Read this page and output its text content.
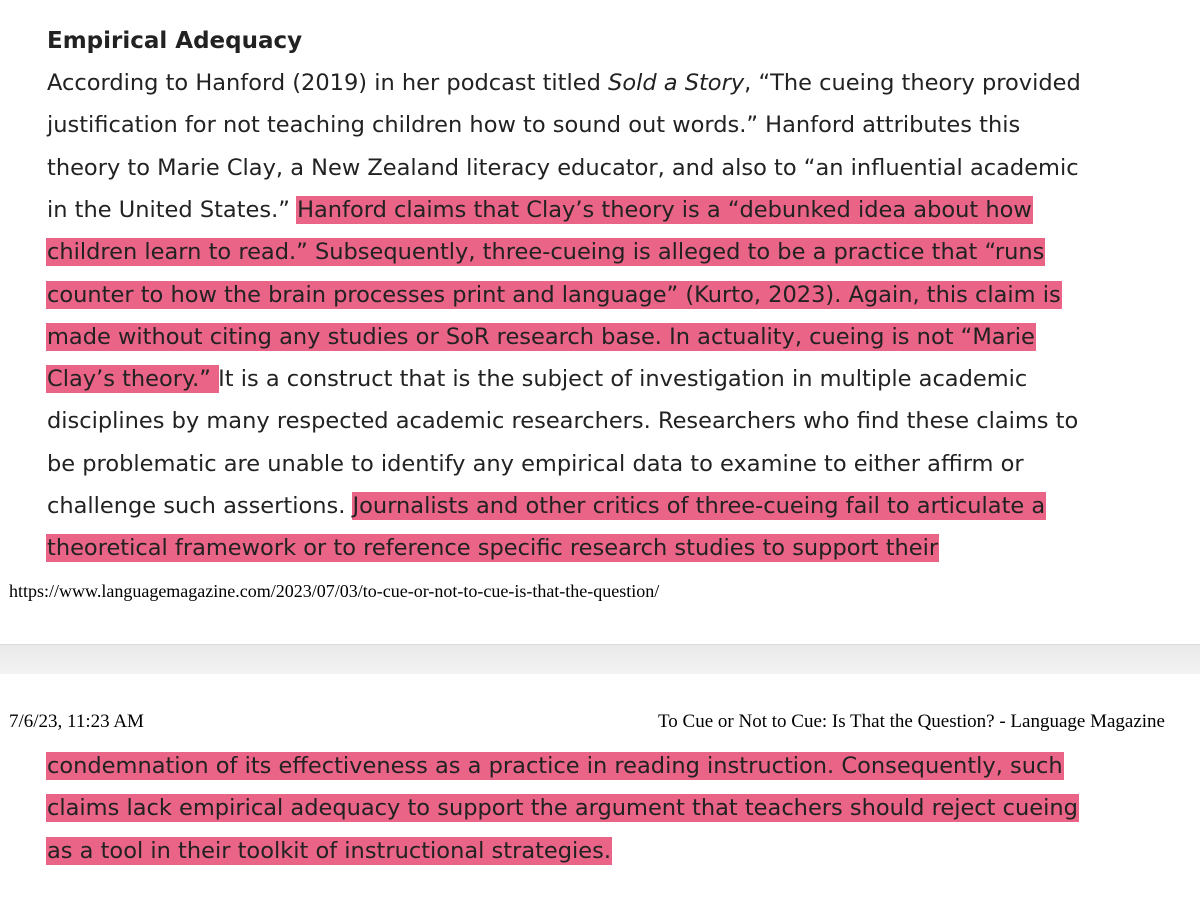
Empirical Adequacy
According to Hanford (2019) in her podcast titled Sold a Story, “The cueing theory provided
justification for not teaching children how to sound out words.” Hanford attributes this
theory to Marie Clay, a New Zealand literacy educator, and also to “an influential academic
in the United States.” Hanford claims that Clay’s theory is a “debunked idea about how
children learn to read.” Subsequently, three-cueing is alleged to be a practice that “runs
counter to how the brain processes print and language” (Kurto, 2023). Again, this claim is
made without citing any studies or SoR research base. In actuality, cueing is not “Marie
Clay’s theory.” It is a construct that is the subject of investigation in multiple academic
disciplines by many respected academic researchers. Researchers who find these claims to
be problematic are unable to identify any empirical data to examine to either affirm or
challenge such assertions. Journalists and other critics of three-cueing fail to articulate a
theoretical framework or to reference specific research studies to support their
https://www.languagemagazine.com/2023/07/03/to-cue-or-not-to-cue-is-that-the-question/
7/6/23, 11:23 AM	To Cue or Not to Cue: Is That the Question? - Language Magazine
condemnation of its effectiveness as a practice in reading instruction. Consequently, such
claims lack empirical adequacy to support the argument that teachers should reject cueing
as a tool in their toolkit of instructional strategies.
